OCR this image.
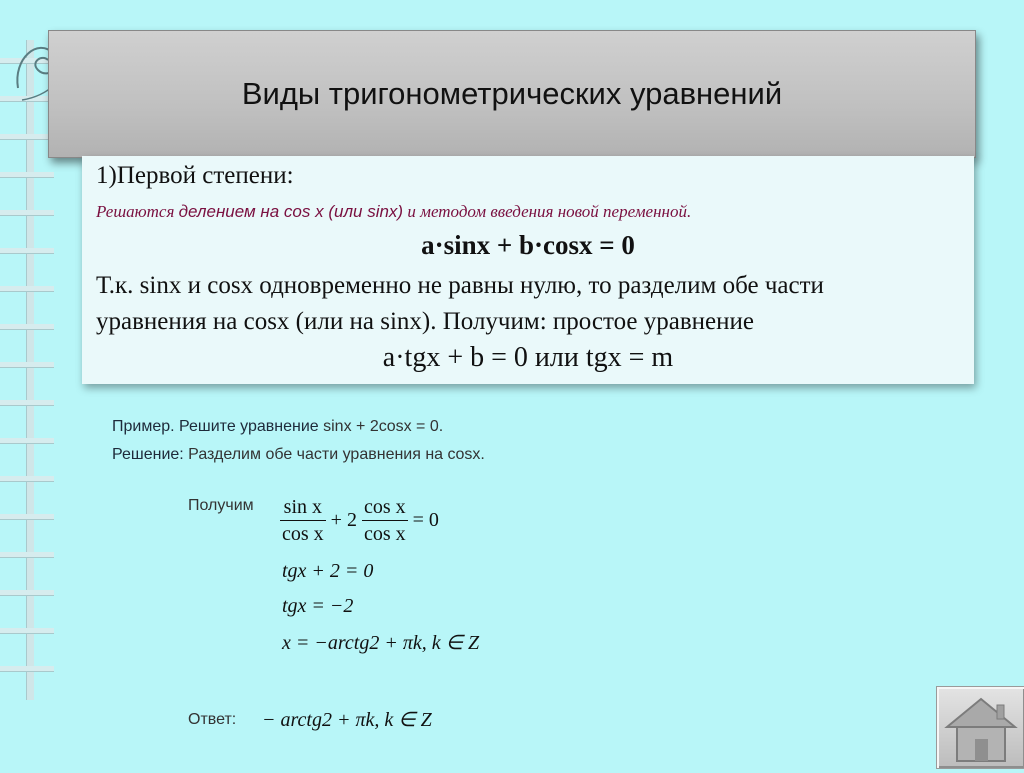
Виды тригонометрических уравнений
1)Первой степени:
Решаются делением на cos x (или sinx) и методом введения новой переменной.
a·sinx + b·cosx = 0
Т.к. sinx и cosx одновременно не равны нулю, то разделим обе части
уравнения на cosx (или на sinx). Получим: простое уравнение
a·tgx + b = 0 или tgx = m
Пример. Решите уравнение sinx + 2cosx = 0.
Решение: Разделим обе части уравнения на cosx.
Получим $\frac{\text{sin x}}{\text{cos x}} + 2 \frac{\text{cos x}}{\text{cos x}} = 0$
tgx + 2 = 0
tgx = −2
x = −arctg2 + πk, k ∈ Z
Ответ: − arctg2 + πk, k ∈ Z
